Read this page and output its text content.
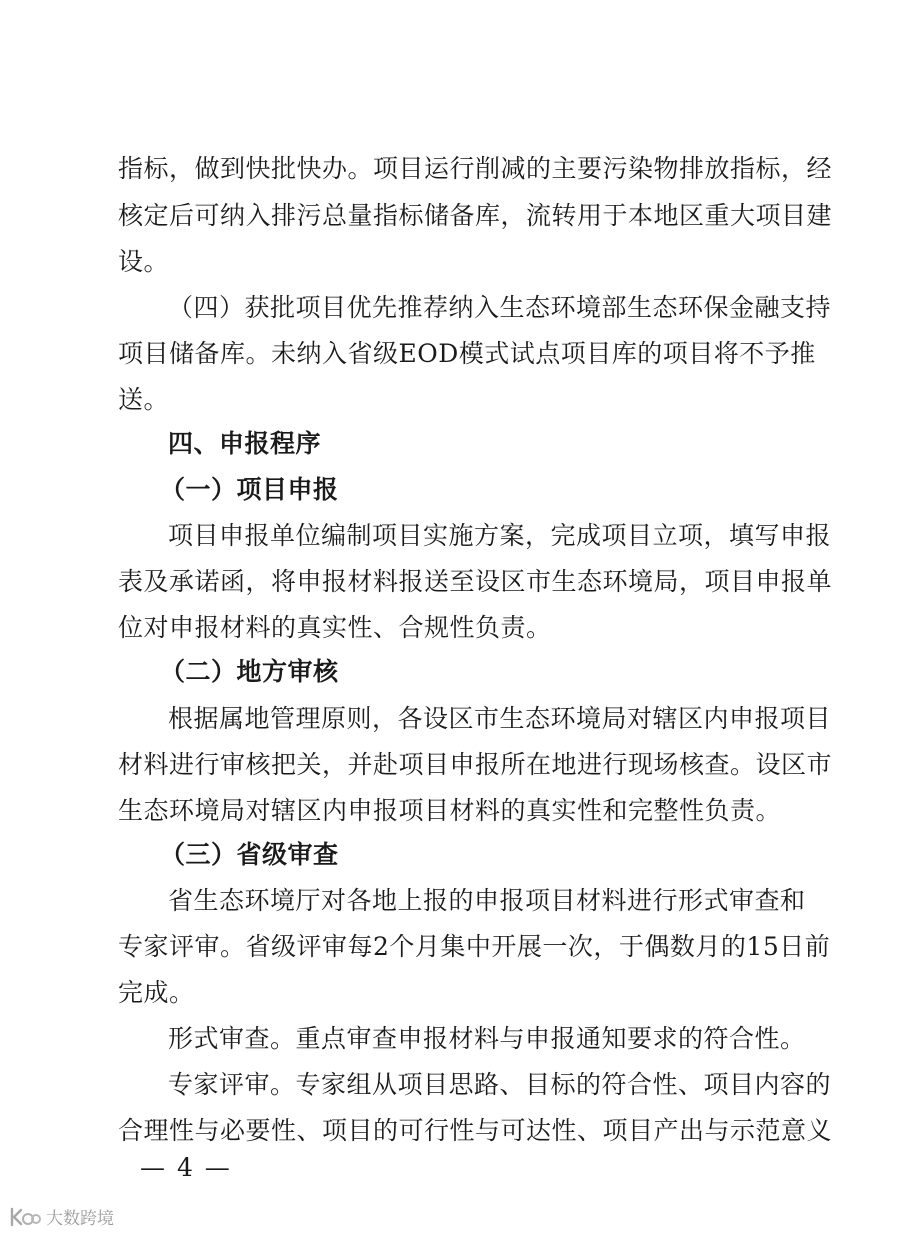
指标，做到快批快办。项目运行削减的主要污染物排放指标，经
核定后可纳入排污总量指标储备库，流转用于本地区重大项目建
设。
（四）获批项目优先推荐纳入生态环境部生态环保金融支持
项目储备库。未纳入省级EOD模式试点项目库的项目将不予推
送。
四、申报程序
（一）项目申报
项目申报单位编制项目实施方案，完成项目立项，填写申报
表及承诺函，将申报材料报送至设区市生态环境局，项目申报单
位对申报材料的真实性、合规性负责。
（二）地方审核
根据属地管理原则，各设区市生态环境局对辖区内申报项目
材料进行审核把关，并赴项目申报所在地进行现场核查。设区市
生态环境局对辖区内申报项目材料的真实性和完整性负责。
（三）省级审查
省生态环境厅对各地上报的申报项目材料进行形式审查和
专家评审。省级评审每2个月集中开展一次，于偶数月的15日前
完成。
形式审查。重点审查申报材料与申报通知要求的符合性。
专家评审。专家组从项目思路、目标的符合性、项目内容的
合理性与必要性、项目的可行性与可达性、项目产出与示范意义
— 4 —
大数跨境
